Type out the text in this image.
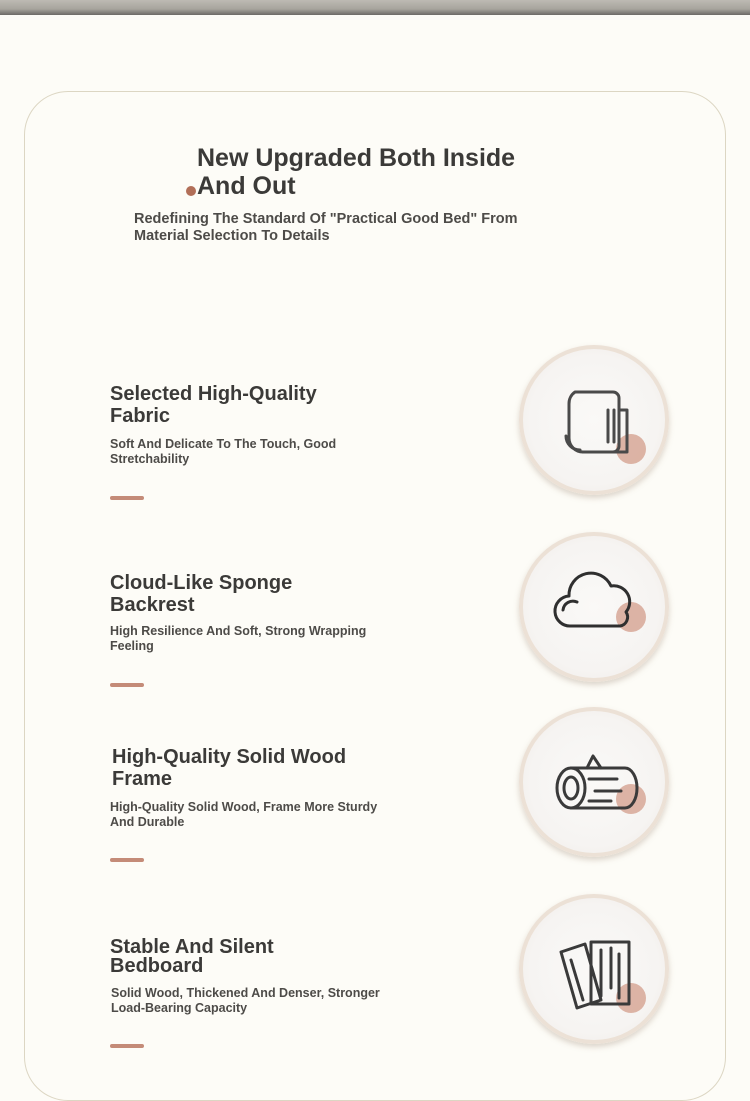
New Upgraded Both Inside And Out

Redefining The Standard Of "Practical Good Bed" From Material Selection To Details

Selected High-Quality Fabric

Soft And Delicate To The Touch, Good Stretchability

Cloud-Like Sponge Backrest

High Resilience And Soft, Strong Wrapping Feeling

High-Quality Solid Wood Frame

High-Quality Solid Wood, Frame More Sturdy And Durable

Stable And Silent Bedboard

Solid Wood, Thickened And Denser, Stronger Load-Bearing Capacity
